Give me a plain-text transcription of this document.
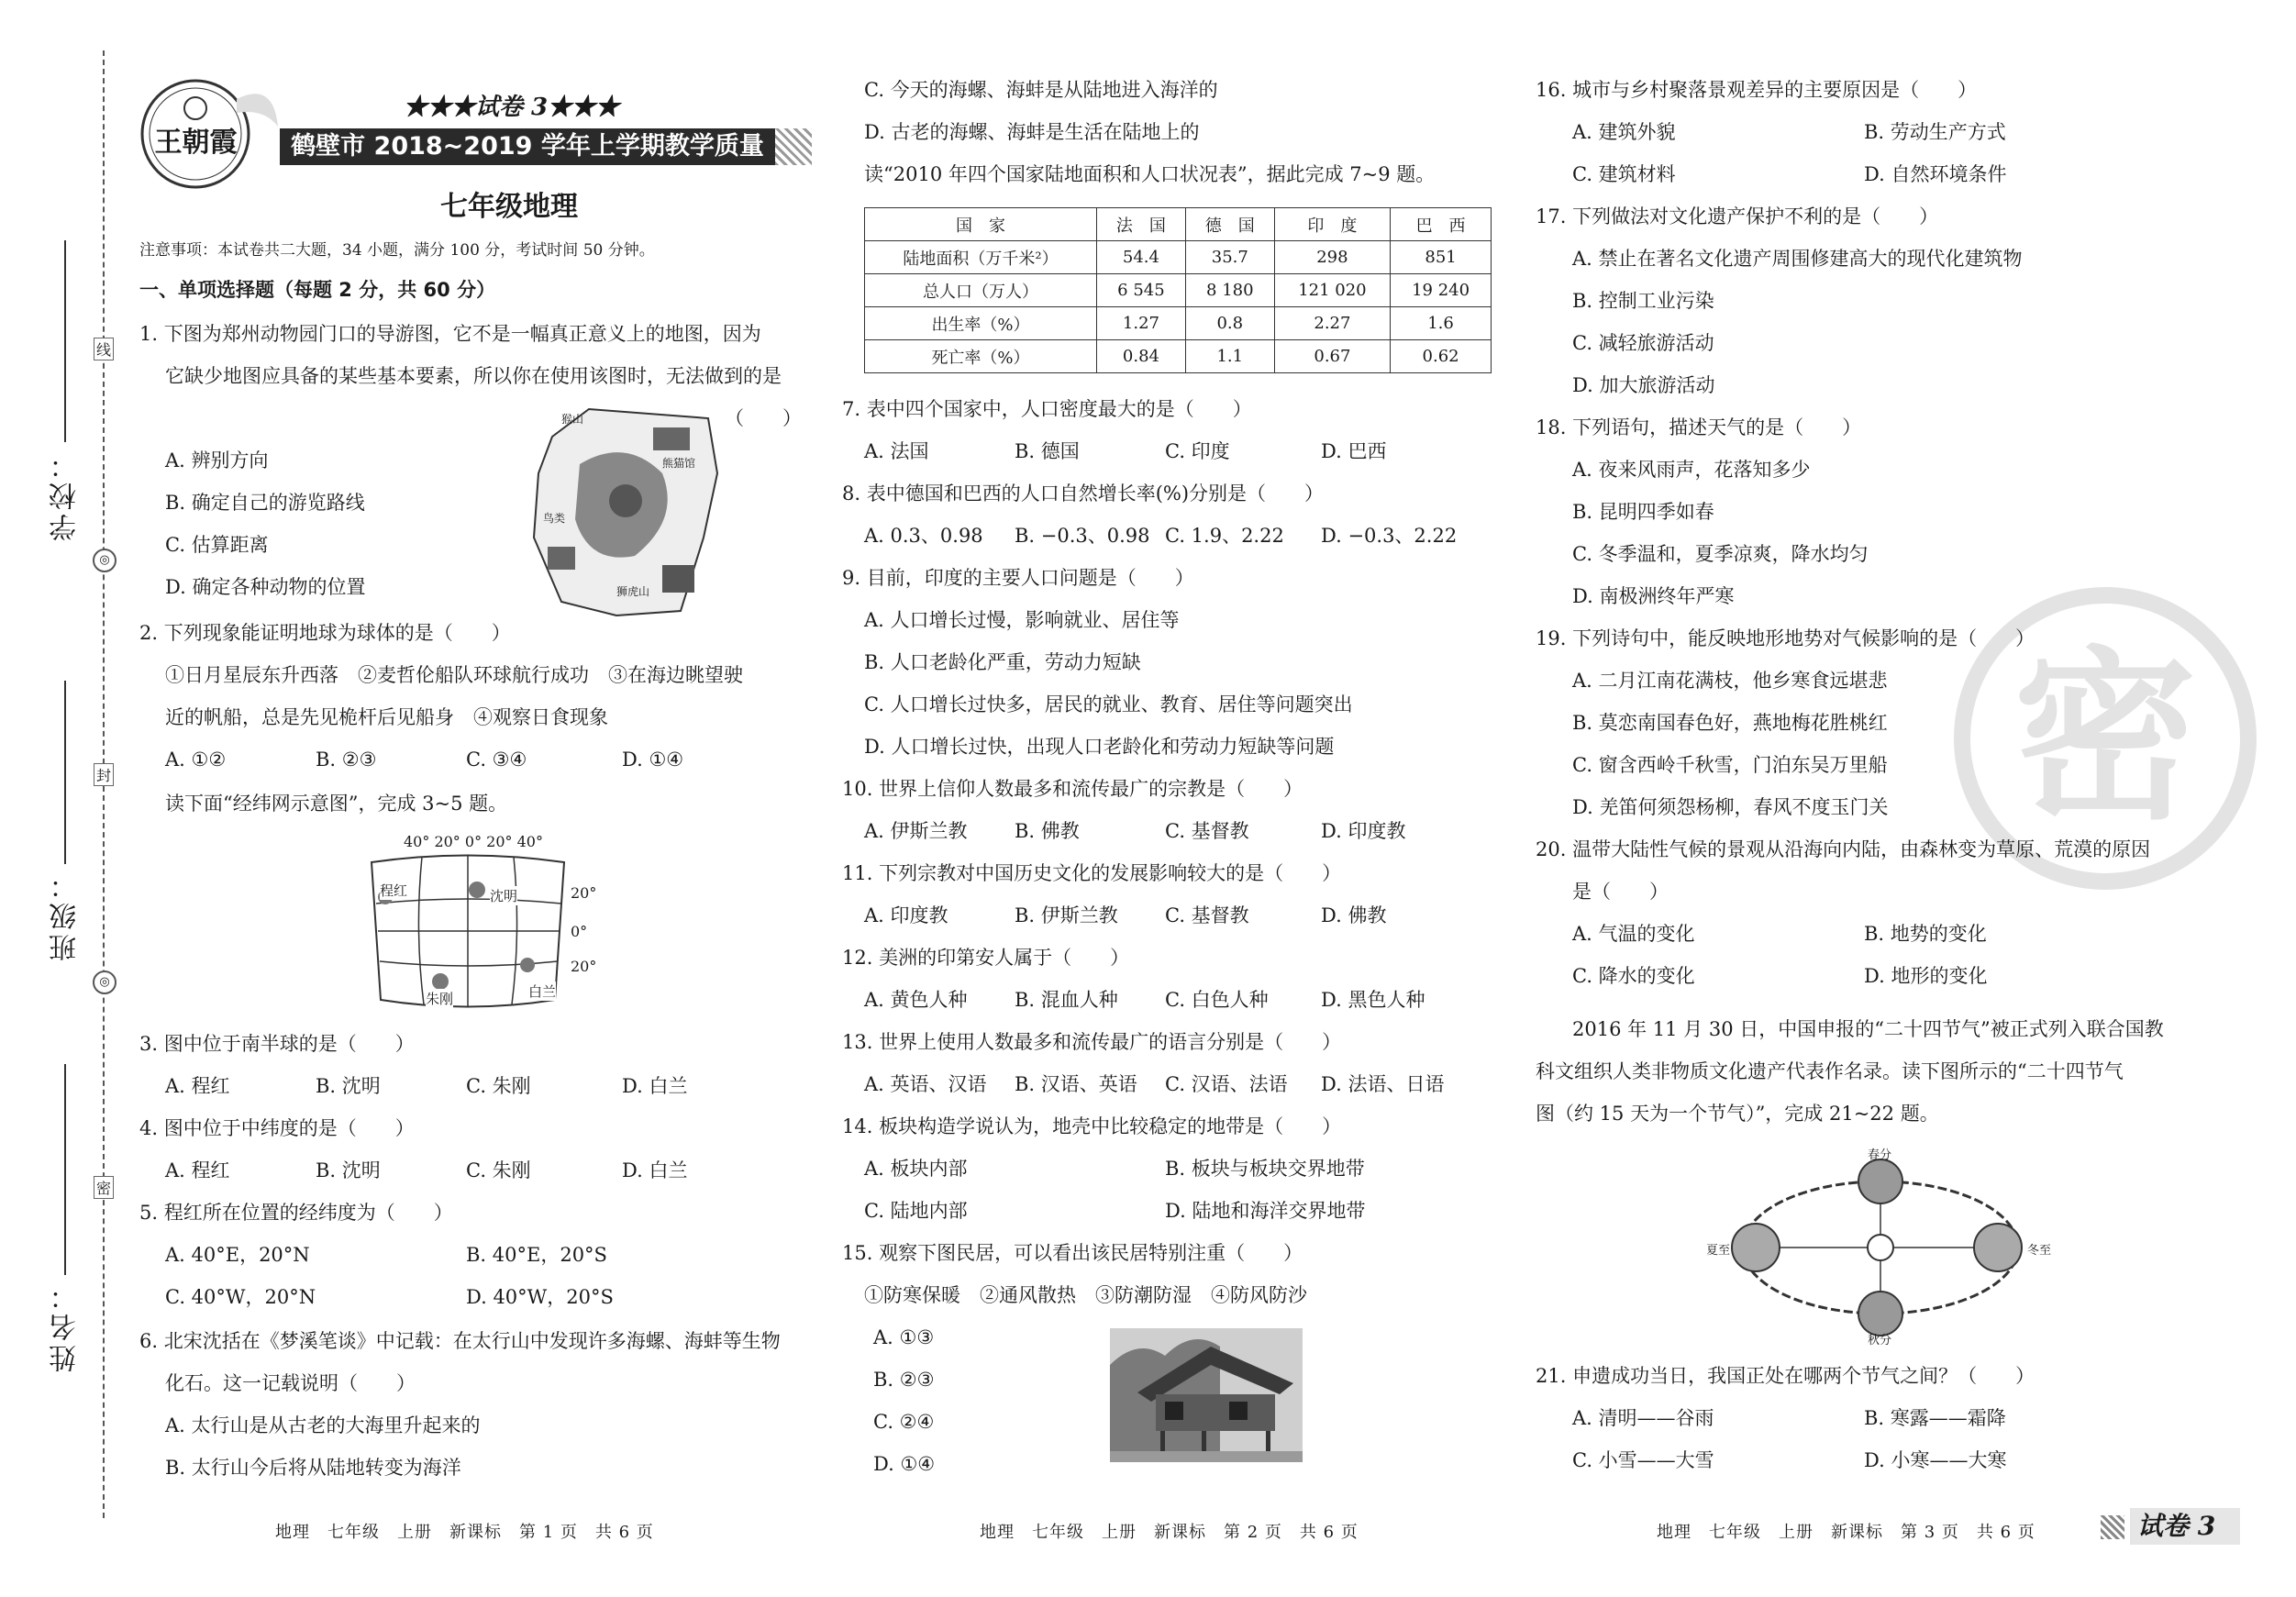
线
◎
封
◎
密
学校：
班级：
姓名：
王朝霞
★★★试卷 3★★★
鹤壁市 2018~2019 学年上学期教学质量调研测试
七年级地理
注意事项：本试卷共二大题，34 小题，满分 100 分，考试时间 50 分钟。
一、单项选择题（每题 2 分，共 60 分）
1. 下图为郑州动物园门口的导游图，它不是一幅真正意义上的地图，因为
它缺少地图应具备的某些基本要素，所以你在使用该图时，无法做到的是
（　　）
猴山
熊猫馆
鸟类
狮虎山
A. 辨别方向
B. 确定自己的游览路线
C. 估算距离
D. 确定各种动物的位置
2. 下列现象能证明地球为球体的是（　　）
①日月星辰东升西落　②麦哲伦船队环球航行成功　③在海边眺望驶
近的帆船，总是先见桅杆后见船身　④观察日食现象
A. ①②	B. ②③	C. ③④	D. ①④
读下面“经纬网示意图”，完成 3~5 题。
40° 20° 0° 20° 40°
程红	沈明
朱刚	白兰
20°
0°
20°
3. 图中位于南半球的是（　　）
A. 程红	B. 沈明	C. 朱刚	D. 白兰
4. 图中位于中纬度的是（　　）
A. 程红	B. 沈明	C. 朱刚	D. 白兰
5. 程红所在位置的经纬度为（　　）
A. 40°E，20°N	B. 40°E，20°S
C. 40°W，20°N	D. 40°W，20°S
6. 北宋沈括在《梦溪笔谈》中记载：在太行山中发现许多海螺、海蚌等生物
化石。这一记载说明（　　）
A. 太行山是从古老的大海里升起来的
B. 太行山今后将从陆地转变为海洋
C. 今天的海螺、海蚌是从陆地进入海洋的
D. 古老的海螺、海蚌是生活在陆地上的
读“2010 年四个国家陆地面积和人口状况表”，据此完成 7~9 题。
国　家	法　国	德　国	印　度	巴　西
陆地面积（万千米²）	54.4	35.7	298	851
总人口（万人）	6 545	8 180	121 020	19 240
出生率（%）	1.27	0.8	2.27	1.6
死亡率（%）	0.84	1.1	0.67	0.62
7. 表中四个国家中，人口密度最大的是（　　）
A. 法国	B. 德国	C. 印度	D. 巴西
8. 表中德国和巴西的人口自然增长率(%)分别是（　　）
A. 0.3、0.98	B. −0.3、0.98 C. 1.9、2.22	D. −0.3、2.22
9. 目前，印度的主要人口问题是（　　）
A. 人口增长过慢，影响就业、居住等
B. 人口老龄化严重，劳动力短缺
C. 人口增长过快多，居民的就业、教育、居住等问题突出
D. 人口增长过快，出现人口老龄化和劳动力短缺等问题
10. 世界上信仰人数最多和流传最广的宗教是（　　）
A. 伊斯兰教	B. 佛教	C. 基督教	D. 印度教
11. 下列宗教对中国历史文化的发展影响较大的是（　　）
A. 印度教	B. 伊斯兰教	C. 基督教	D. 佛教
12. 美洲的印第安人属于（　　）
A. 黄色人种	B. 混血人种	C. 白色人种	D. 黑色人种
13. 世界上使用人数最多和流传最广的语言分别是（　　）
A. 英语、汉语	B. 汉语、英语	C. 汉语、法语	D. 法语、日语
14. 板块构造学说认为，地壳中比较稳定的地带是（　　）
A. 板块内部	B. 板块与板块交界地带
C. 陆地内部	D. 陆地和海洋交界地带
15. 观察下图民居，可以看出该民居特别注重（　　）
①防寒保暖　②通风散热　③防潮防湿　④防风防沙
A. ①③
B. ②③
C. ②④
D. ①④
密
16. 城市与乡村聚落景观差异的主要原因是（　　）
A. 建筑外貌	B. 劳动生产方式
C. 建筑材料	D. 自然环境条件
17. 下列做法对文化遗产保护不利的是（　　）
A. 禁止在著名文化遗产周围修建高大的现代化建筑物
B. 控制工业污染
C. 减轻旅游活动
D. 加大旅游活动
18. 下列语句，描述天气的是（　　）
A. 夜来风雨声，花落知多少
B. 昆明四季如春
C. 冬季温和，夏季凉爽，降水均匀
D. 南极洲终年严寒
19. 下列诗句中，能反映地形地势对气候影响的是（　　）
A. 二月江南花满枝，他乡寒食远堪悲
B. 莫恋南国春色好，燕地梅花胜桃红
C. 窗含西岭千秋雪，门泊东吴万里船
D. 羌笛何须怨杨柳，春风不度玉门关
20. 温带大陆性气候的景观从沿海向内陆，由森林变为草原、荒漠的原因
是（　　）
A. 气温的变化	B. 地势的变化
C. 降水的变化	D. 地形的变化
2016 年 11 月 30 日，中国申报的“二十四节气”被正式列入联合国教
科文组织人类非物质文化遗产代表作名录。读下图所示的“二十四节气
图（约 15 天为一个节气）”，完成 21~22 题。
春分
秋分
夏至	冬至
21. 申遗成功当日，我国正处在哪两个节气之间？（　　）
A. 清明——谷雨	B. 寒露——霜降
C. 小雪——大雪	D. 小寒——大寒
地理　七年级　上册　新课标　第 1 页　共 6 页	地理　七年级　上册　新课标　第 2 页　共 6 页	地理　七年级　上册　新课标　第 3 页　共 6 页	试卷 3
